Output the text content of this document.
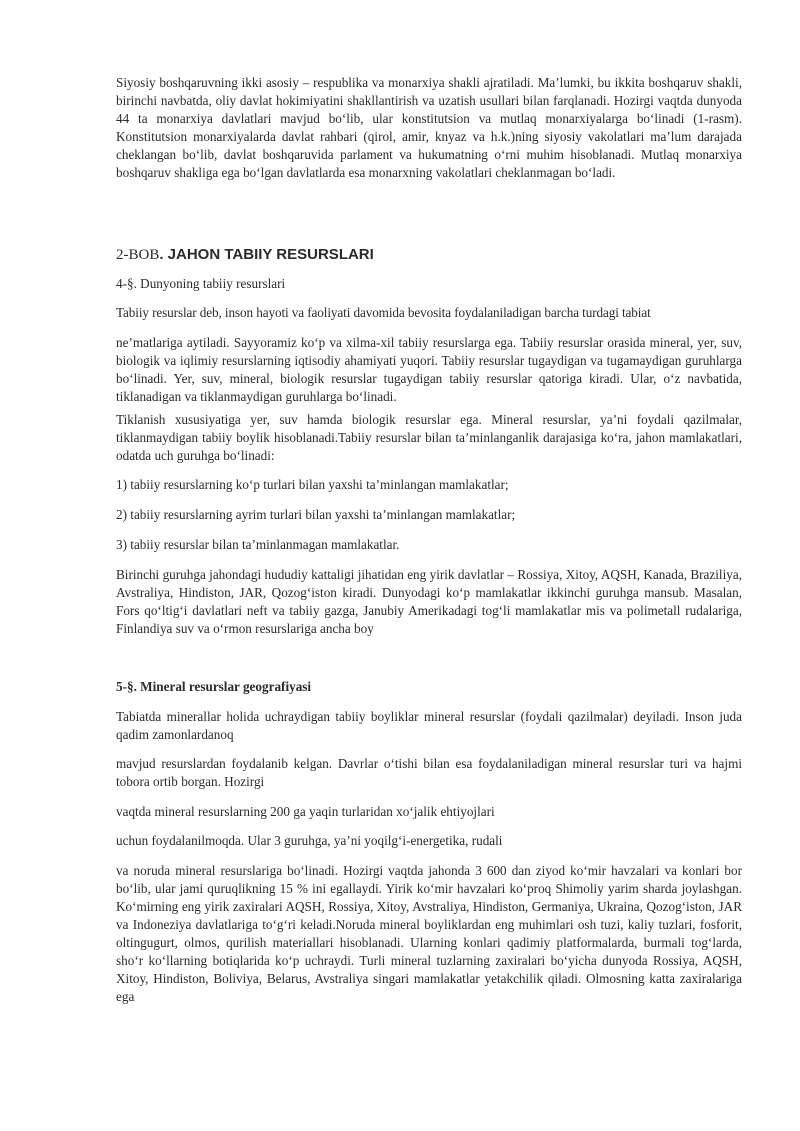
Siyosiy boshqaruvning ikki asosiy – respublika va monarxiya shakli ajratiladi. Ma’lumki, bu ikkita boshqaruv shakli, birinchi navbatda, oliy davlat hokimiyatini shakllantirish va uzatish usullari bilan farqlanadi. Hozirgi vaqtda dunyoda 44 ta monarxiya davlatlari mavjud bo‘lib, ular konstitutsion va mutlaq monarxiyalarga bo‘linadi (1-rasm). Konstitutsion monarxiyalarda davlat rahbari (qirol, amir, knyaz va h.k.)ning siyosiy vakolatlari ma’lum darajada cheklangan bo‘lib, davlat boshqaruvida parlament va hukumatning o‘rni muhim hisoblanadi. Mutlaq monarxiya boshqaruv shakliga ega bo‘lgan davlatlarda esa monarxning vakolatlari cheklanmagan bo‘ladi.

2-BOB. JAHON TABIIY RESURSLARI

4-§. Dunyoning tabiiy resurslari

Tabiiy resurslar deb, inson hayoti va faoliyati davomida bevosita foydalaniladigan barcha turdagi tabiat

ne’matlariga aytiladi. Sayyoramiz ko‘p va xilma-xil tabiiy resurslarga ega. Tabiiy resurslar orasida mineral, yer, suv, biologik va iqlimiy resurslarning iqtisodiy ahamiyati yuqori. Tabiiy resurslar tugaydigan va tugamaydigan guruhlarga bo‘linadi. Yer, suv, mineral, biologik resurslar tugaydigan tabiiy resurslar qatoriga kiradi. Ular, o‘z navbatida, tiklanadigan va tiklanmaydigan guruhlarga bo‘linadi.

Tiklanish xususiyatiga yer, suv hamda biologik resurslar ega. Mineral resurslar, ya’ni foydali qazilmalar, tiklanmaydigan tabiiy boylik hisoblanadi.Tabiiy resurslar bilan ta’minlanganlik darajasiga ko‘ra, jahon mamlakatlari, odatda uch guruhga bo‘linadi:

1) tabiiy resurslarning ko‘p turlari bilan yaxshi ta’minlangan mamlakatlar;

2) tabiiy resurslarning ayrim turlari bilan yaxshi ta’minlangan mamlakatlar;

3) tabiiy resurslar bilan ta’minlanmagan mamlakatlar.

Birinchi guruhga jahondagi hududiy kattaligi jihatidan eng yirik davlatlar – Rossiya, Xitoy, AQSH, Kanada, Braziliya, Avstraliya, Hindiston, JAR, Qozog‘iston kiradi. Dunyodagi ko‘p mamlakatlar ikkinchi guruhga mansub. Masalan, Fors qo‘ltig‘i davlatlari neft va tabiiy gazga, Janubiy Amerikadagi tog‘li mamlakatlar mis va polimetall rudalariga, Finlandiya suv va o‘rmon resurslariga ancha boy

5-§. Mineral resurslar geografiyasi

Tabiatda minerallar holida uchraydigan tabiiy boyliklar mineral resurslar (foydali qazilmalar) deyiladi. Inson juda qadim zamonlardanoq

mavjud resurslardan foydalanib kelgan. Davrlar o‘tishi bilan esa foydalaniladigan mineral resurslar turi va hajmi tobora ortib borgan. Hozirgi

vaqtda mineral resurslarning 200 ga yaqin turlaridan xo‘jalik ehtiyojlari

uchun foydalanilmoqda. Ular 3 guruhga, ya’ni yoqilg‘i-energetika, rudali

va noruda mineral resurslariga bo‘linadi. Hozirgi vaqtda jahonda 3 600 dan ziyod ko‘mir havzalari va konlari bor bo‘lib, ular jami quruqlikning 15 % ini egallaydi. Yirik ko‘mir havzalari ko‘proq Shimoliy yarim sharda joylashgan. Ko‘mirning eng yirik zaxiralari AQSH, Rossiya, Xitoy, Avstraliya, Hindiston, Germaniya, Ukraina, Qozog‘iston, JAR va Indoneziya davlatlariga to‘g‘ri keladi.Noruda mineral boyliklardan eng muhimlari osh tuzi, kaliy tuzlari, fosforit, oltingugurt, olmos, qurilish materiallari hisoblanadi. Ularning konlari qadimiy platformalarda, burmali tog‘larda, sho‘r ko‘llarning botiqlarida ko‘p uchraydi. Turli mineral tuzlarning zaxiralari bo‘yicha dunyoda Rossiya, AQSH, Xitoy, Hindiston, Boliviya, Belarus, Avstraliya singari mamlakatlar yetakchilik qiladi. Olmosning katta zaxiralariga ega
